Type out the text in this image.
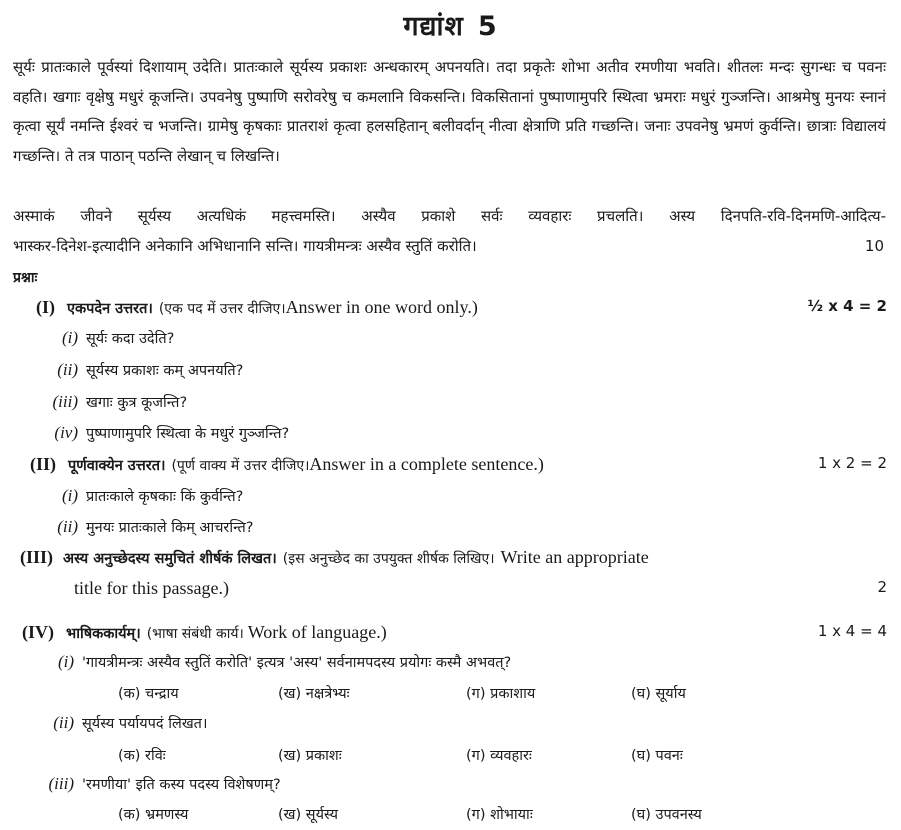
गद्यांश 5
सूर्यः प्रातःकाले पूर्वस्यां दिशायाम् उदेति। प्रातःकाले सूर्यस्य प्रकाशः अन्धकारम् अपनयति। तदा प्रकृतेः शोभा अतीव रमणीया भवति। शीतलः मन्दः सुगन्धः च पवनः वहति। खगाः वृक्षेषु मधुरं कूजन्ति। उपवनेषु पुष्पाणि सरोवरेषु च कमलानि विकसन्ति। विकसितानां पुष्पाणामुपरि स्थित्वा भ्रमराः मधुरं गुञ्जन्ति। आश्रमेषु मुनयः स्नानं कृत्वा सूर्यं नमन्ति ईश्वरं च भजन्ति। ग्रामेषु कृषकाः प्रातराशं कृत्वा हलसहितान् बलीवर्दान् नीत्वा क्षेत्राणि प्रति गच्छन्ति। जनाः उपवनेषु भ्रमणं कुर्वन्ति। छात्राः विद्यालयं गच्छन्ति। ते तत्र पाठान् पठन्ति लेखान् च लिखन्ति।
अस्माकं जीवने सूर्यस्य अत्यधिकं महत्त्वमस्ति। अस्यैव प्रकाशे सर्वः व्यवहारः प्रचलति। अस्य दिनपति-रवि-दिनमणि-आदित्य-
भास्कर-दिनेश-इत्यादीनि अनेकानि अभिधानानि सन्ति। गायत्रीमन्त्रः अस्यैव स्तुतिं करोति।	10
प्रश्नाः
(I) एकपदेन उत्तरत। (एक पद में उत्तर दीजिए। Answer in one word only.)	½ x 4 = 2
(i) सूर्यः कदा उदेति?
(ii) सूर्यस्य प्रकाशः कम् अपनयति?
(iii) खगाः कुत्र कूजन्ति?
(iv) पुष्पाणामुपरि स्थित्वा के मधुरं गुञ्जन्ति?
(II) पूर्णवाक्येन उत्तरत। (पूर्ण वाक्य में उत्तर दीजिए। Answer in a complete sentence.)	1 x 2 = 2
(i) प्रातःकाले कृषकाः किं कुर्वन्ति?
(ii) मुनयः प्रातःकाले किम् आचरन्ति?
(III) अस्य अनुच्छेदस्य समुचितं शीर्षकं लिखत। (इस अनुच्छेद का उपयुक्त शीर्षक लिखिए। Write an appropriate
title for this passage.)	2
(IV) भाषिककार्यम्। (भाषा संबंधी कार्य। Work of language.)	1 x 4 = 4
(i) 'गायत्रीमन्त्रः अस्यैव स्तुतिं करोति' इत्यत्र 'अस्य' सर्वनामपदस्य प्रयोगः कस्मै अभवत्?
(क) चन्द्राय	(ख) नक्षत्रेभ्यः	(ग) प्रकाशाय	(घ) सूर्याय
(ii) सूर्यस्य पर्यायपदं लिखत।
(क) रविः	(ख) प्रकाशः	(ग) व्यवहारः	(घ) पवनः
(iii) 'रमणीया' इति कस्य पदस्य विशेषणम्?
(क) भ्रमणस्य	(ख) सूर्यस्य	(ग) शोभायाः	(घ) उपवनस्य
